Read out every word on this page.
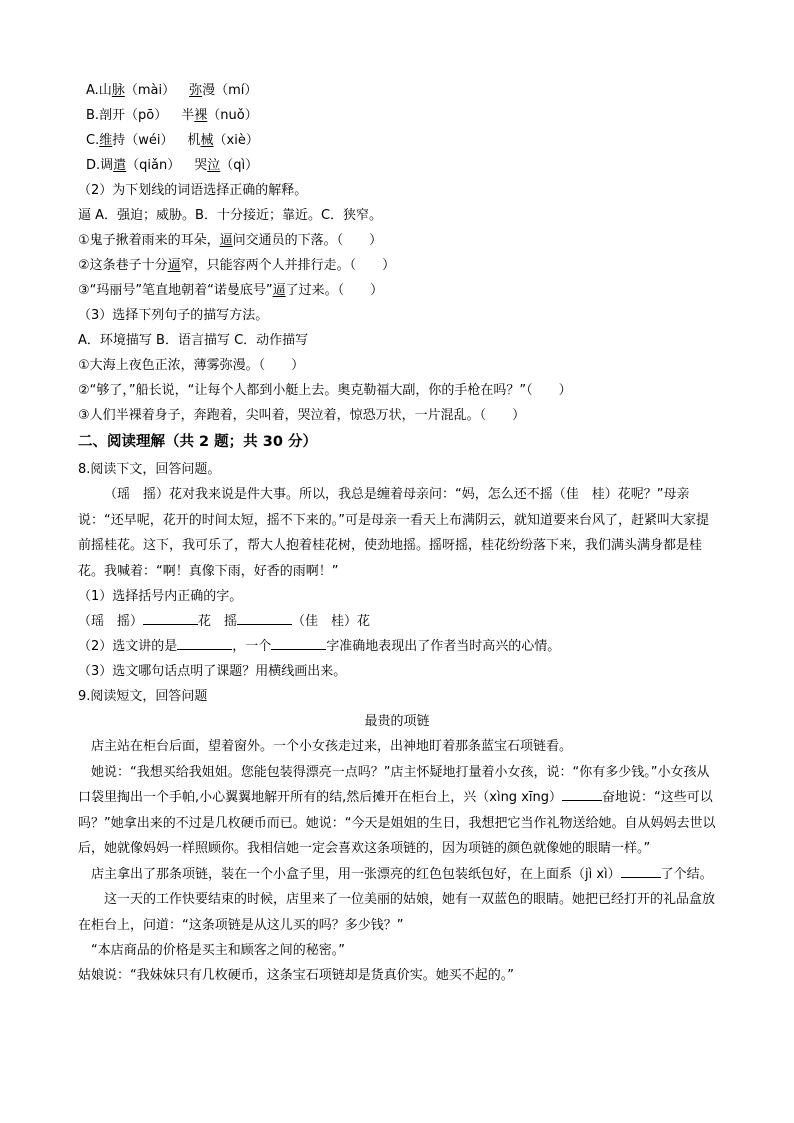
A.山脉（mài） 弥漫（mí）
B.剖开（pō） 半裸（nuǒ）
C.维持（wéi） 机械（xiè）
D.调遣（qiǎn） 哭泣（qì）
（2）为下划线的词语选择正确的解释。
逼 A．强迫；威胁。B．十分接近；靠近。C．狭窄。
①鬼子揪着雨来的耳朵，逼问交通员的下落。（　　）
②这条巷子十分逼窄，只能容两个人并排行走。（　　）
③“玛丽号”笔直地朝着“诺曼底号”逼了过来。（　　）
（3）选择下列句子的描写方法。
A．环境描写 B．语言描写 C．动作描写
①大海上夜色正浓，薄雾弥漫。（　　）
②“够了，”船长说，“让每个人都到小艇上去。奥克勒福大副，你的手枪在吗？”（　　）
③人们半裸着身子，奔跑着，尖叫着，哭泣着，惊恐万状，一片混乱。（　　）
二、阅读理解（共 2 题；共 30 分）
8.阅读下文，回答问题。
（瑶　摇）花对我来说是件大事。所以，我总是缠着母亲问：“妈，怎么还不摇（佳　桂）花呢？”母亲说：“还早呢，花开的时间太短，摇不下来的。”可是母亲一看天上布满阴云，就知道要来台风了，赶紧叫大家提前摇桂花。这下，我可乐了，帮大人抱着桂花树，使劲地摇。摇呀摇，桂花纷纷落下来，我们满头满身都是桂花。我喊着：“啊！真像下雨，好香的雨啊！”
（1）选择括号内正确的字。
（瑶　摇）	花　摇	（佳　桂）花
（2）选文讲的是	，一个	字准确地表现出了作者当时高兴的心情。
（3）选文哪句话点明了课题？用横线画出来。
9.阅读短文，回答问题
最贵的项链
店主站在柜台后面，望着窗外。一个小女孩走过来，出神地盯着那条蓝宝石项链看。
她说：“我想买给我姐姐。您能包装得漂亮一点吗？”店主怀疑地打量着小女孩，说：“你有多少钱。”小女孩从口袋里掏出一个手帕,小心翼翼地解开所有的结,然后摊开在柜台上，兴（xìng xīng）	奋地说：“这些可以吗？”她拿出来的不过是几枚硬币而已。她说：“今天是姐姐的生日，我想把它当作礼物送给她。自从妈妈去世以后，她就像妈妈一样照顾你。我相信她一定会喜欢这条项链的，因为项链的颜色就像她的眼睛一样。”
店主拿出了那条项链，装在一个小盒子里，用一张漂亮的红色包装纸包好，在上面系（jì xì）	了个结。
这一天的工作快要结束的时候，店里来了一位美丽的姑娘，她有一双蓝色的眼睛。她把已经打开的礼品盒放在柜台上，问道：“这条项链是从这儿买的吗？多少钱？”
“本店商品的价格是买主和顾客之间的秘密。”
姑娘说：“我妹妹只有几枚硬币，这条宝石项链却是货真价实。她买不起的。”
